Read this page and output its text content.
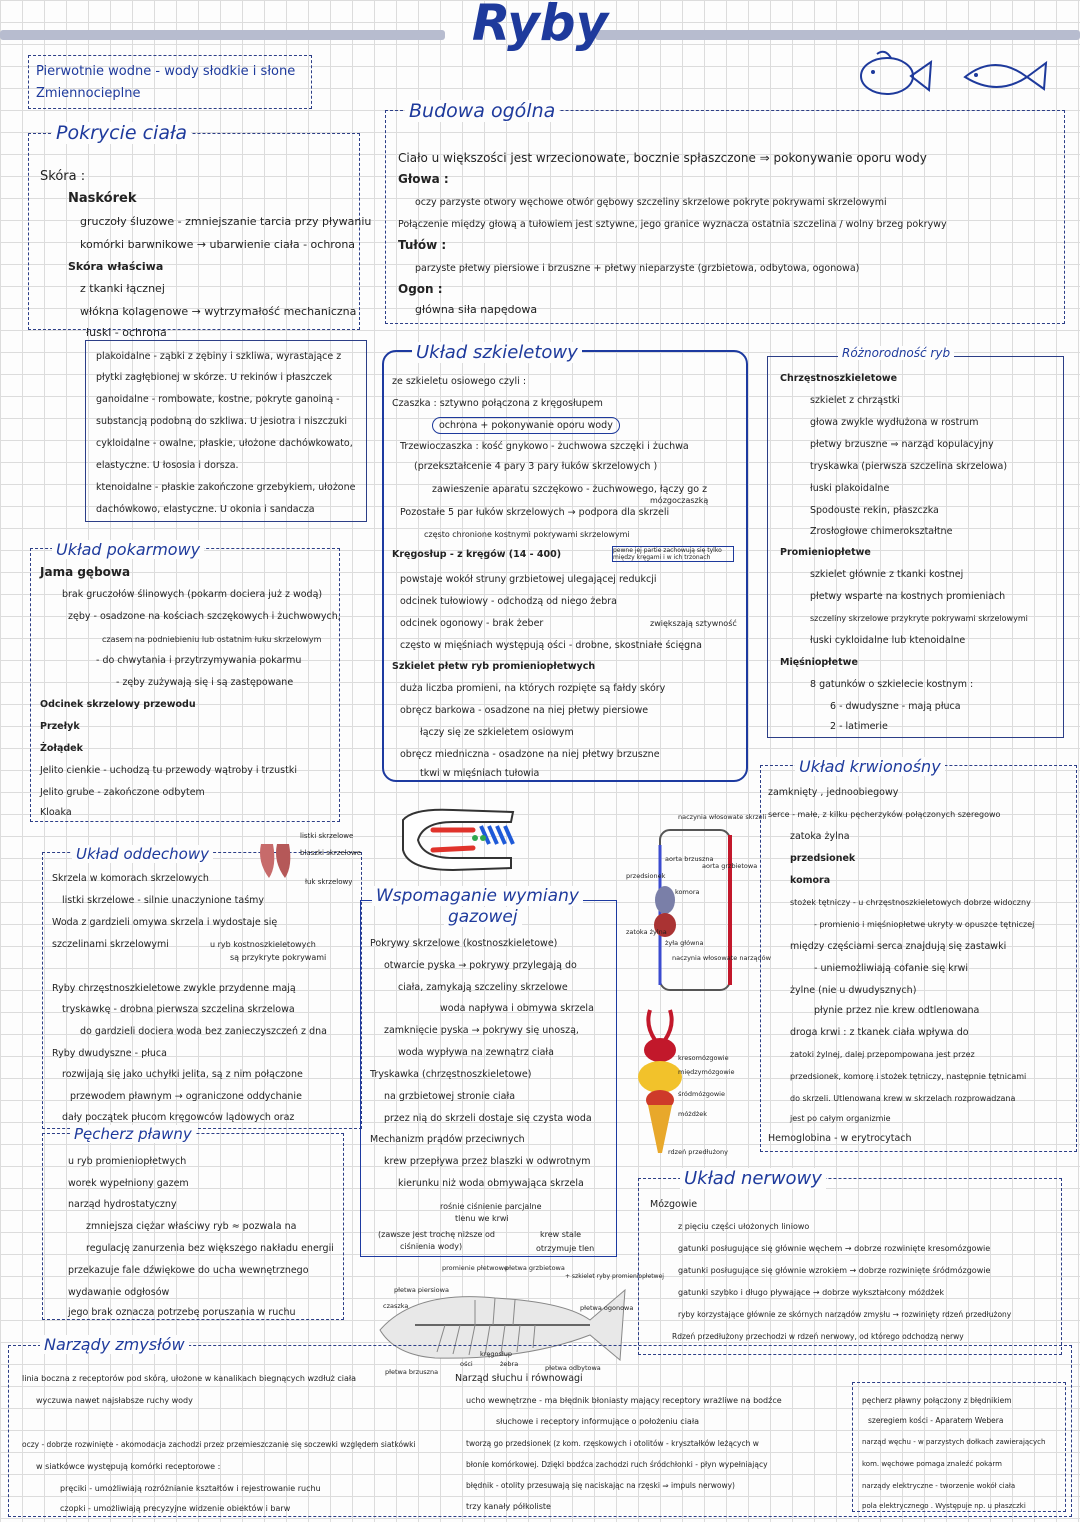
Ryby
Pierwotnie wodne - wody słodkie i słone
Zmiennocieplne
Pokrycie ciała
Skóra :
Naskórek
gruczoły śluzowe - zmniejszanie tarcia przy pływaniu
komórki barwnikowe → ubarwienie ciała - ochrona
Skóra właściwa
z tkanki łącznej
włókna kolagenowe → wytrzymałość mechaniczna
łuski - ochrona
plakoidalne - ząbki z zębiny i szkliwa, wyrastające z
płytki zagłębionej w skórze. U rekinów i płaszczek
ganoidalne - rombowate, kostne, pokryte ganoiną -
substancją podobną do szkliwa. U jesiotra i niszczuki
cykloidalne - owalne, płaskie, ułożone dachówkowato,
elastyczne. U łososia i dorsza.
ktenoidalne - płaskie zakończone grzebykiem, ułożone
dachówkowo, elastyczne. U okonia i sandacza
Budowa ogólna
Ciało u większości jest wrzecionowate, bocznie spłaszczone ⇒ pokonywanie oporu wody
Głowa :
oczy parzyste otwory węchowe otwór gębowy szczeliny skrzelowe pokryte pokrywami skrzelowymi
Połączenie między głową a tułowiem jest sztywne, jego granice wyznacza ostatnia szczelina / wolny brzeg pokrywy
Tułów :
parzyste płetwy piersiowe i brzuszne + płetwy nieparzyste (grzbietowa, odbytowa, ogonowa)
Ogon :
główna siła napędowa
Układ szkieletowy
ze szkieletu osiowego czyli :
Czaszka : sztywno połączona z kręgosłupem
ochrona + pokonywanie oporu wody
Trzewioczaszka : kość gnykowo - żuchwowa szczęki i żuchwa
(przekształcenie 4 pary 3 pary łuków skrzelowych )
zawieszenie aparatu szczękowo - żuchwowego, łączy go z
mózgoczaszką
Pozostałe 5 par łuków skrzelowych → podpora dla skrzeli
często chronione kostnymi pokrywami skrzelowymi
Kręgosłup - z kręgów (14 - 400)	pewne jej partie zachowują się tylko między kręgami i w ich trzonach
powstaje wokół struny grzbietowej ulegającej redukcji
odcinek tułowiowy - odchodzą od niego żebra
odcinek ogonowy - brak żeber	zwiększają sztywność
często w mięśniach występują ości - drobne, skostniałe ścięgna
Szkielet płetw ryb promieniopłetwych
duża liczba promieni, na których rozpięte są fałdy skóry
obręcz barkowa - osadzone na niej płetwy piersiowe
łączy się ze szkieletem osiowym
obręcz miedniczna - osadzone na niej płetwy brzuszne
tkwi w mięśniach tułowia
Różnorodność ryb
Chrzęstnoszkieletowe
szkielet z chrząstki
głowa zwykle wydłużona w rostrum
płetwy brzuszne ⇒ narząd kopulacyjny
tryskawka (pierwsza szczelina skrzelowa)
łuski plakoidalne
Spodouste rekin, płaszczka
Zrosłogłowe chimerokształtne
Promieniopłetwe
szkielet głównie z tkanki kostnej
płetwy wsparte na kostnych promieniach
szczeliny skrzelowe przykryte pokrywami skrzelowymi
łuski cykloidalne lub ktenoidalne
Mięśniopłetwe
8 gatunków o szkielecie kostnym :
6 - dwudyszne - mają płuca
2 - latimerie
Układ pokarmowy
Jama gębowa
brak gruczołów ślinowych (pokarm dociera już z wodą)
zęby - osadzone na kościach szczękowych i żuchwowych,
czasem na podniebieniu lub ostatnim łuku skrzelowym
- do chwytania i przytrzymywania pokarmu
- zęby zużywają się i są zastępowane
Odcinek skrzelowy przewodu
Przełyk
Żołądek
Jelito cienkie - uchodzą tu przewody wątroby i trzustki
Jelito grube - zakończone odbytem
Kloaka	naczynia włosowate skrzeli
aorta brzuszna
aorta grzbietowa
przedsionek
komora
zatoka żylna
żyła główna
naczynia włosowate narządów
Układ krwionośny
zamknięty , jednoobiegowy
serce - małe, z kilku pęcherzyków połączonych szeregowo
zatoka żylna
przedsionek
komora
stożek tętniczy - u chrzęstnoszkieletowych dobrze widoczny
- promienio i mięśniopłetwe ukryty w opuszce tętniczej
między częściami serca znajdują się zastawki
- uniemożliwiają cofanie się krwi
żylne (nie u dwudysznych)
płynie przez nie krew odtlenowana
droga krwi : z tkanek ciała wpływa do
zatoki żylnej, dalej przepompowana jest przez
przedsionek, komorę i stożek tętniczy, następnie tętnicami
do skrzeli. Utlenowana krew w skrzelach rozprowadzana
jest po całym organizmie
Hemoglobina - w erytrocytach
Układ oddechowy
listki skrzelowe
blaszki skrzelowe
łuk skrzelowy
Skrzela w komorach skrzelowych
listki skrzelowe - silnie unaczynione taśmy
Woda z gardzieli omywa skrzela i wydostaje się
szczelinami skrzelowymi	u ryb kostnoszkieletowych
są przykryte pokrywami
Ryby chrzęstnoszkieletowe zwykle przydenne mają
tryskawkę - drobna pierwsza szczelina skrzelowa
do gardzieli dociera woda bez zanieczyszczeń z dna
Ryby dwudyszne - płuca
rozwijają się jako uchyłki jelita, są z nim połączone
przewodem pławnym → ograniczone oddychanie
dały początek płucom kręgowców lądowych oraz
Wspomaganie wymiany
gazowej
Pokrywy skrzelowe (kostnoszkieletowe)
otwarcie pyska → pokrywy przylegają do
ciała, zamykają szczeliny skrzelowe
woda napływa i obmywa skrzela
zamknięcie pyska → pokrywy się unoszą,
woda wypływa na zewnątrz ciała
Tryskawka (chrzęstnoszkieletowe)
na grzbietowej stronie ciała
przez nią do skrzeli dostaje się czysta woda
Mechanizm prądów przeciwnych
krew przepływa przez blaszki w odwrotnym
kierunku niż woda obmywająca skrzela
rośnie ciśnienie parcjalne
tlenu we krwi
(zawsze jest trochę niższe od
ciśnienia wody)
krew stale
otrzymuje tlen
kresomózgowie
międzymózgowie
śródmózgowie
móżdżek
rdzeń przedłużony
Pęcherz pławny
u ryb promieniopłetwych
worek wypełniony gazem
narząd hydrostatyczny
zmniejsza ciężar właściwy ryb ≈ pozwala na
regulację zanurzenia bez większego nakładu energii
przekazuje fale dźwiękowe do ucha wewnętrznego
wydawanie odgłosów
jego brak oznacza potrzebę poruszania w ruchu
promienie płetwowe
płetwa grzbietowa
płetwa piersiowa
czaszka	płetwa ogonowa
kręgosłup
ości	żebra
płetwa brzuszna	płetwa odbytowa
+ szkielet ryby promieniopłetwej
Układ nerwowy
Mózgowie
z pięciu części ułożonych liniowo
gatunki posługujące się głównie węchem → dobrze rozwinięte kresomózgowie
gatunki posługujące się głównie wzrokiem → dobrze rozwinięte śródmózgowie
gatunki szybko i długo pływające → dobrze wykształcony móżdżek
ryby korzystające głównie ze skórnych narządów zmysłu → rozwinięty rdzeń przedłużony
Rdzeń przedłużony przechodzi w rdzeń nerwowy, od którego odchodzą nerwy
Narządy zmysłów
linia boczna z receptorów pod skórą, ułożone w kanalikach biegnących wzdłuż ciała
wyczuwa nawet najsłabsze ruchy wody
oczy - dobrze rozwinięte - akomodacja zachodzi przez przemieszczanie się soczewki względem siatkówki
w siatkówce występują komórki receptorowe :
pręciki - umożliwiają rozróżnianie kształtów i rejestrowanie ruchu
czopki - umożliwiają precyzyjne widzenie obiektów i barw
Narząd słuchu i równowagi
ucho wewnętrzne - ma błędnik błoniasty mający receptory wrażliwe na bodźce
słuchowe i receptory informujące o położeniu ciała
tworzą go przedsionek (z kom. rzęskowych i otolitów - kryształków leżących w
błonie komórkowej. Dzięki bodźca zachodzi ruch śródchłonki - płyn wypełniający
błędnik - otolity przesuwają się naciskając na rzęski ⇒ impuls nerwowy)
trzy kanały półkoliste
pęcherz pławny połączony z błędnikiem
szeregiem kości - Aparatem Webera
narząd węchu - w parzystych dołkach zawierających
kom. węchowe pomaga znaleźć pokarm
narządy elektryczne - tworzenie wokół ciała
pola elektrycznego . Występuje np. u płaszczki
